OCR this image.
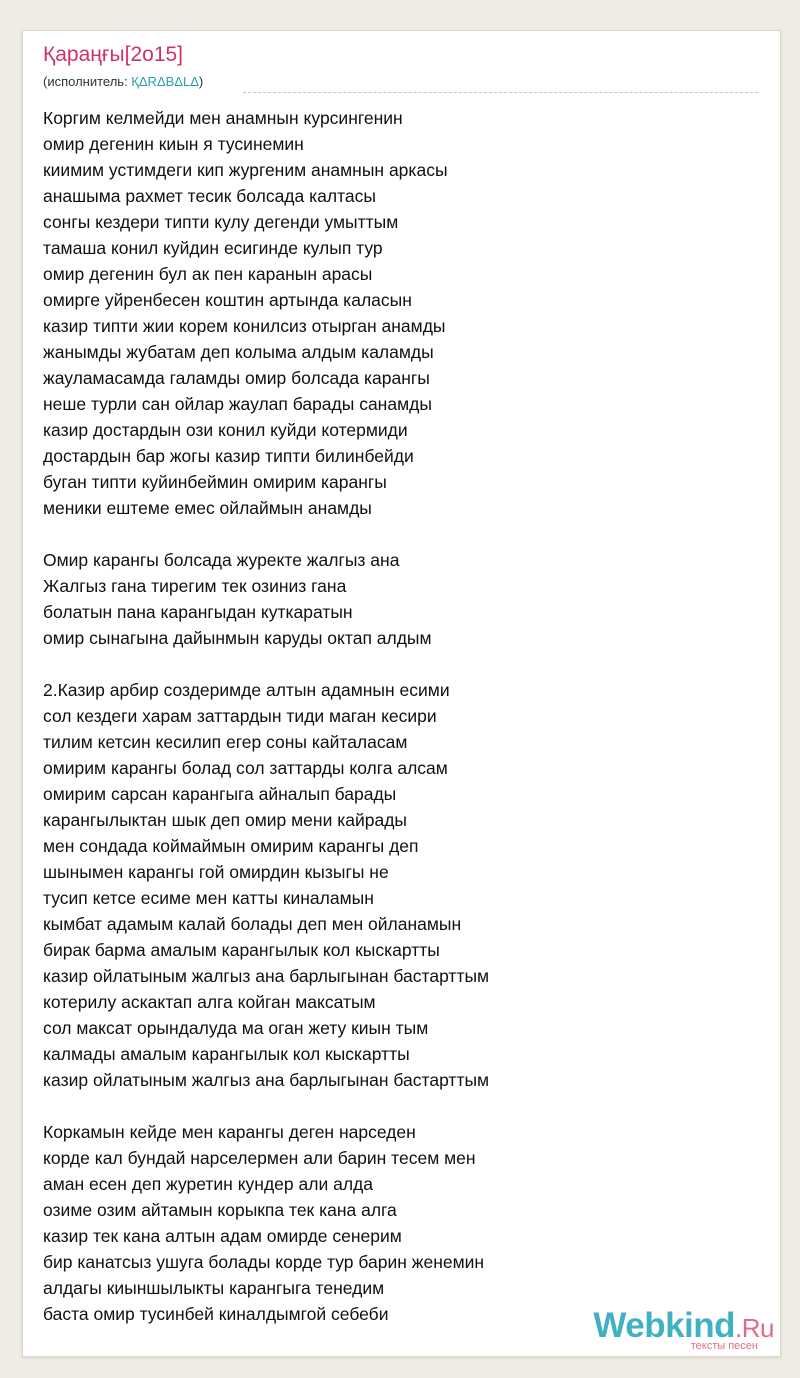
Қараңғы[2о15]
(исполнитель: ҚΔRΔBΔLΔ)
Коргим келмейди мен анамнын курсингенин
омир дегенин киын я тусинемин
киимим устимдеги кип жургеним анамнын аркасы
анашыма рахмет тесик болсада калтасы
сонгы кездери типти кулу дегенди умыттым
тамаша конил куйдин есигинде кулып тур
омир дегенин бул ак пен каранын арасы
омирге уйренбесен коштин артында каласын
казир типти жии корем конилсиз отырган анамды
жанымды жубатам деп колыма алдым каламды
жауламасамда галамды омир болсада карангы
неше турли сан ойлар жаулап барады санамды
казир достардын ози конил куйди котермиди
достардын бар жогы казир типти билинбейди
буган типти куйинбеймин омирим карангы
меники ештеме емес ойлаймын анамды
Омир карангы болсада журекте жалгыз ана
Жалгыз гана тирегим тек озиниз гана
болатын пана карангыдан куткаратын
омир сынагына дайынмын каруды октап алдым
2.Казир арбир создеримде алтын адамнын есими
сол кездеги харам заттардын тиди маган кесири
тилим кетсин кесилип егер соны кайталасам
омирим карангы болад сол заттарды колга алсам
омирим сарсан карангыга айналып барады
карангылыктан шык деп омир мени кайрады
мен сондада коймаймын омирим карангы деп
шынымен карангы гой омирдин кызыгы не
тусип кетсе есиме мен катты киналамын
кымбат адамым калай болады деп мен ойланамын
бирак барма амалым карангылык кол кыскартты
казир ойлатыным жалгыз ана барлыгынан бастарттым
котерилу аскактап алга койган максатым
сол максат орындалуда ма оган жету киын тым
калмады амалым карангылык кол кыскартты
казир ойлатыным жалгыз ана барлыгынан бастарттым
Коркамын кейде мен карангы деген нарседен
корде кал бундай нарселермен али барин тесем мен
аман есен деп журетин кундер али алда
озиме озим айтамын корыкпа тек кана алга
казир тек кана алтын адам омирде сенерим
бир канатсыз ушуга болады корде тур барин женемин
алдагы киыншылыкты карангыга тенедим
баста омир тусинбей киналдымгой себеби	Webkind.Ru
тексты песен
